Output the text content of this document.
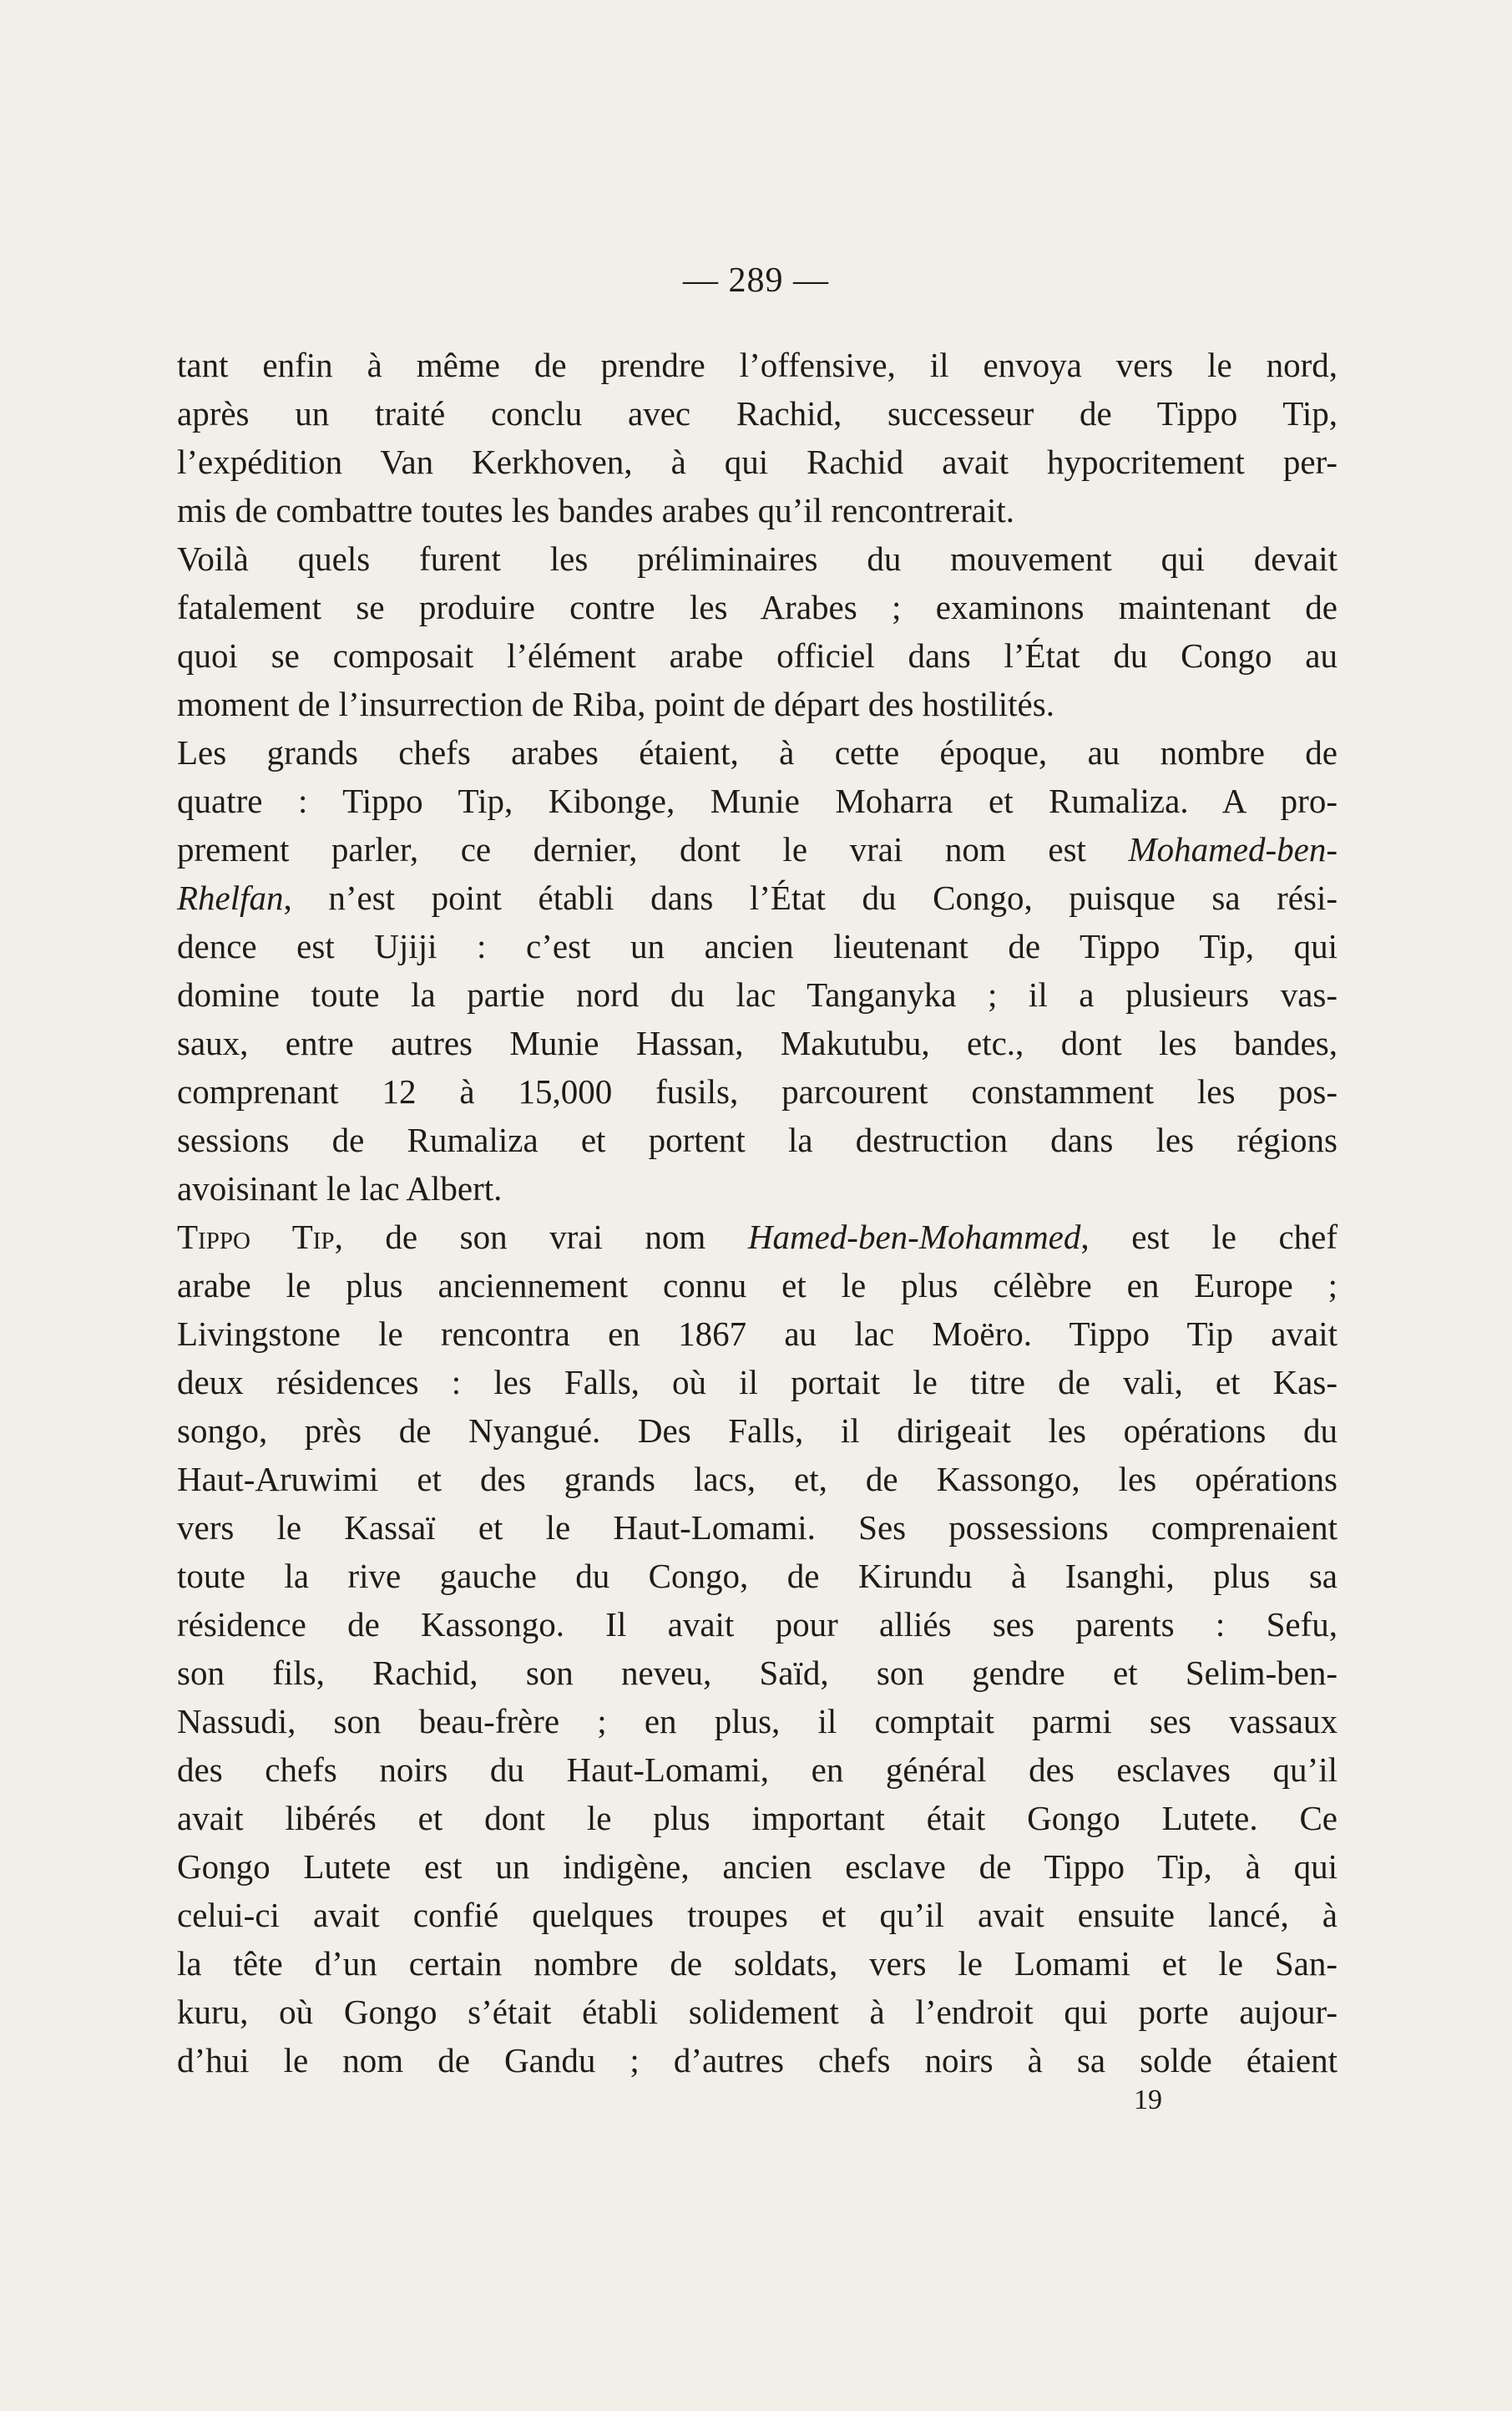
— 289 —
tant enfin à même de prendre l’offensive, il envoya vers le nord,
après un traité conclu avec Rachid, successeur de Tippo Tip,
l’expédition Van Kerkhoven, à qui Rachid avait hypocritement per-
mis de combattre toutes les bandes arabes qu’il rencontrerait.
Voilà quels furent les préliminaires du mouvement qui devait
fatalement se produire contre les Arabes ; examinons maintenant de
quoi se composait l’élément arabe officiel dans l’État du Congo au
moment de l’insurrection de Riba, point de départ des hostilités.
Les grands chefs arabes étaient, à cette époque, au nombre de
quatre : Tippo Tip, Kibonge, Munie Moharra et Rumaliza. A pro-
prement parler, ce dernier, dont le vrai nom est Mohamed-ben-
Rhelfan, n’est point établi dans l’État du Congo, puisque sa rési-
dence est Ujiji : c’est un ancien lieutenant de Tippo Tip, qui
domine toute la partie nord du lac Tanganyka ; il a plusieurs vas-
saux, entre autres Munie Hassan, Makutubu, etc., dont les bandes,
comprenant 12 à 15,000 fusils, parcourent constamment les pos-
sessions de Rumaliza et portent la destruction dans les régions
avoisinant le lac Albert.
Tippo Tip, de son vrai nom Hamed-ben-Mohammed, est le chef
arabe le plus anciennement connu et le plus célèbre en Europe ;
Livingstone le rencontra en 1867 au lac Moëro. Tippo Tip avait
deux résidences : les Falls, où il portait le titre de vali, et Kas-
songo, près de Nyangué. Des Falls, il dirigeait les opérations du
Haut-Aruwimi et des grands lacs, et, de Kassongo, les opérations
vers le Kassaï et le Haut-Lomami. Ses possessions comprenaient
toute la rive gauche du Congo, de Kirundu à Isanghi, plus sa
résidence de Kassongo. Il avait pour alliés ses parents : Sefu,
son fils, Rachid, son neveu, Saïd, son gendre et Selim-ben-
Nassudi, son beau-frère ; en plus, il comptait parmi ses vassaux
des chefs noirs du Haut-Lomami, en général des esclaves qu’il
avait libérés et dont le plus important était Gongo Lutete. Ce
Gongo Lutete est un indigène, ancien esclave de Tippo Tip, à qui
celui-ci avait confié quelques troupes et qu’il avait ensuite lancé, à
la tête d’un certain nombre de soldats, vers le Lomami et le San-
kuru, où Gongo s’était établi solidement à l’endroit qui porte aujour-
d’hui le nom de Gandu ; d’autres chefs noirs à sa solde étaient
19
